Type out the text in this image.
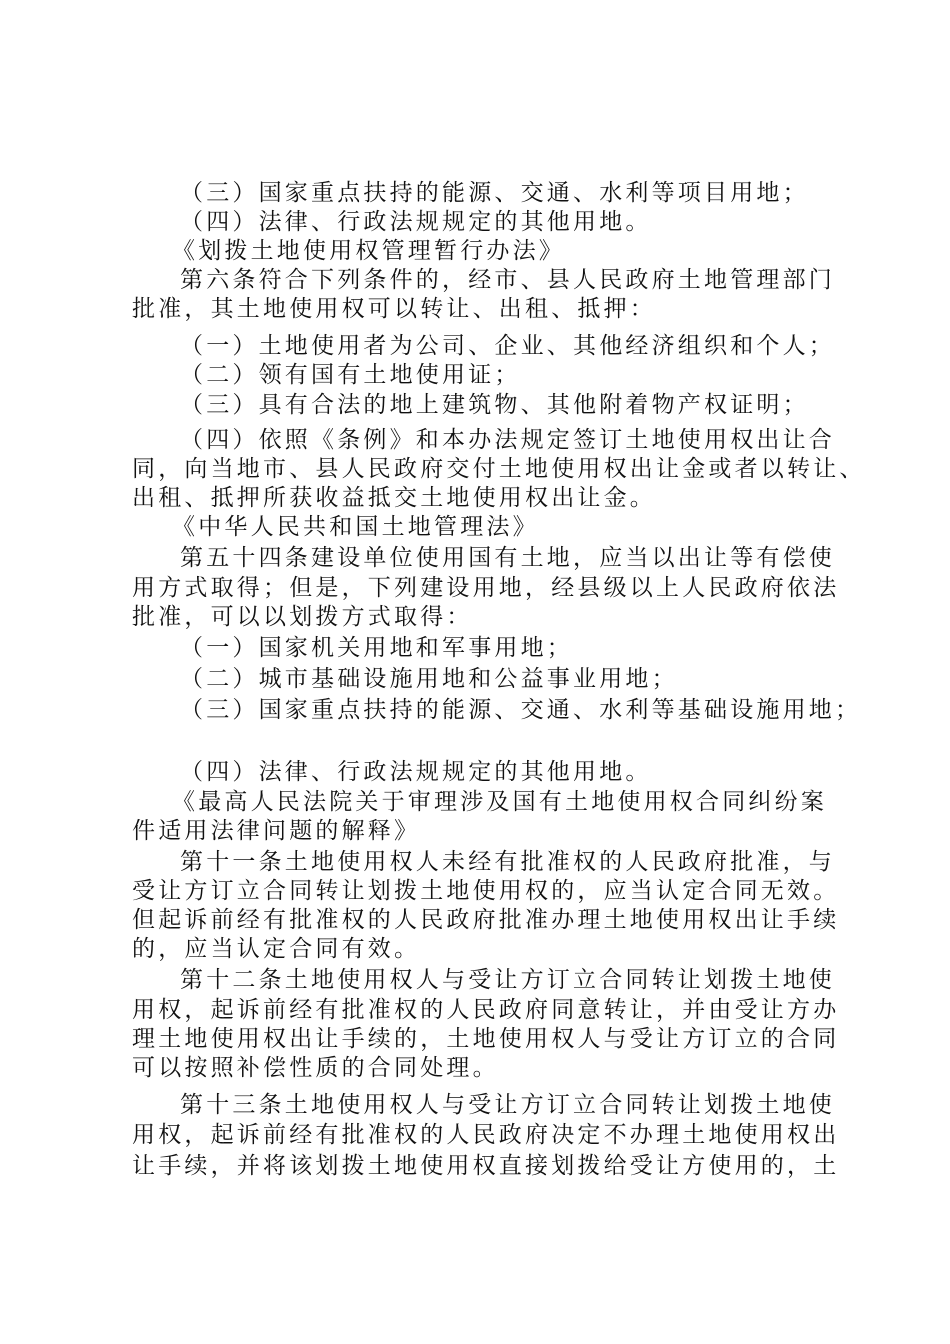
（三）国家重点扶持的能源、交通、水利等项目用地；
（四）法律、行政法规规定的其他用地。
《划拨土地使用权管理暂行办法》
第六条符合下列条件的，经市、县人民政府土地管理部门
批准，其土地使用权可以转让、出租、抵押：
（一）土地使用者为公司、企业、其他经济组织和个人；
（二）领有国有土地使用证；
（三）具有合法的地上建筑物、其他附着物产权证明；
（四）依照《条例》和本办法规定签订土地使用权出让合
同，向当地市、县人民政府交付土地使用权出让金或者以转让、
出租、抵押所获收益抵交土地使用权出让金。
《中华人民共和国土地管理法》
第五十四条建设单位使用国有土地，应当以出让等有偿使
用方式取得；但是，下列建设用地，经县级以上人民政府依法
批准，可以以划拨方式取得：
（一）国家机关用地和军事用地；
（二）城市基础设施用地和公益事业用地；
（三）国家重点扶持的能源、交通、水利等基础设施用地；
（四）法律、行政法规规定的其他用地。
《最高人民法院关于审理涉及国有土地使用权合同纠纷案
件适用法律问题的解释》
第十一条土地使用权人未经有批准权的人民政府批准，与
受让方订立合同转让划拨土地使用权的，应当认定合同无效。
但起诉前经有批准权的人民政府批准办理土地使用权出让手续
的，应当认定合同有效。
第十二条土地使用权人与受让方订立合同转让划拨土地使
用权，起诉前经有批准权的人民政府同意转让，并由受让方办
理土地使用权出让手续的，土地使用权人与受让方订立的合同
可以按照补偿性质的合同处理。
第十三条土地使用权人与受让方订立合同转让划拨土地使
用权，起诉前经有批准权的人民政府决定不办理土地使用权出
让手续，并将该划拨土地使用权直接划拨给受让方使用的，土
